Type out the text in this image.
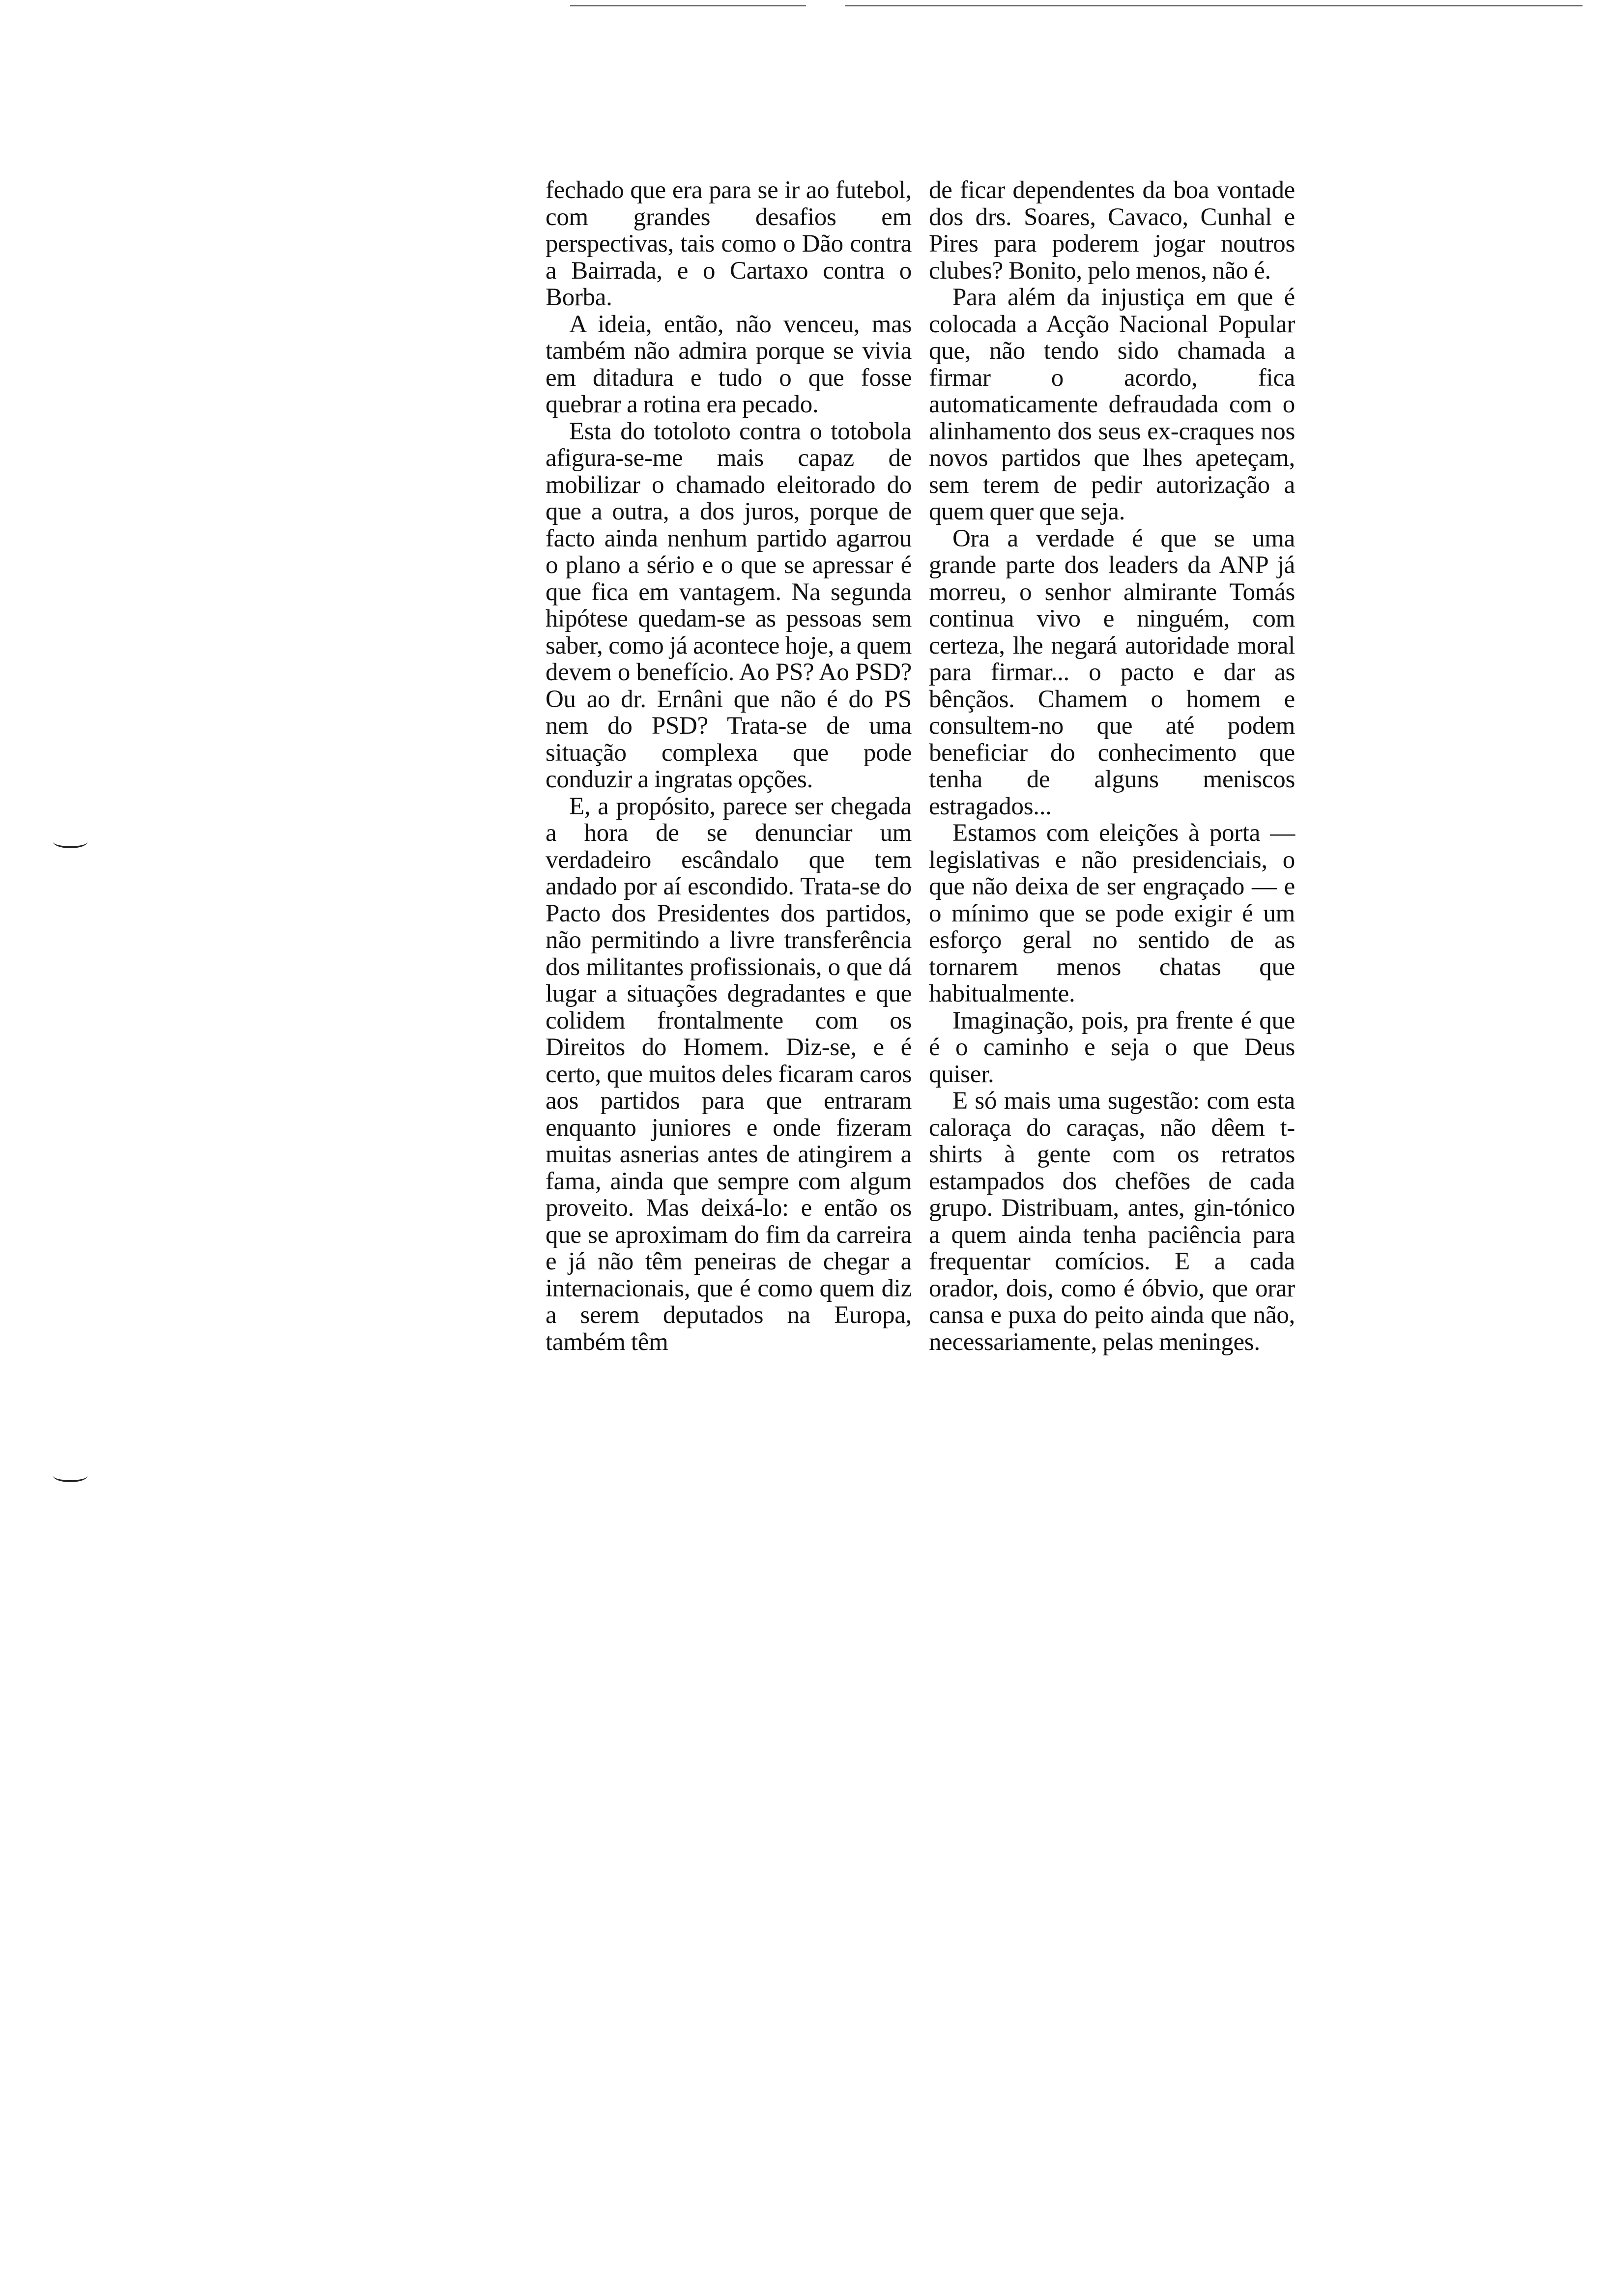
fechado que era para se ir ao futebol, com grandes desafios em perspectivas, tais como o Dão contra a Bairrada, e o Cartaxo contra o Borba.

A ideia, então, não venceu, mas também não admira porque se vivia em ditadura e tudo o que fosse quebrar a rotina era pecado.

Esta do totoloto contra o totobola afigura-se-me mais capaz de mobilizar o chamado eleitorado do que a outra, a dos juros, porque de facto ainda nenhum partido agarrou o plano a sério e o que se apressar é que fica em vantagem. Na segunda hipótese quedam-se as pessoas sem saber, como já acontece hoje, a quem devem o benefício. Ao PS? Ao PSD? Ou ao dr. Ernâni que não é do PS nem do PSD? Trata-se de uma situação complexa que pode conduzir a ingratas opções.

E, a propósito, parece ser chegada a hora de se denunciar um verdadeiro escândalo que tem andado por aí escondido. Trata-se do Pacto dos Presidentes dos partidos, não permitindo a livre transferência dos militantes profissionais, o que dá lugar a situações degradantes e que colidem frontalmente com os Direitos do Homem. Diz-se, e é certo, que muitos deles ficaram caros aos partidos para que entraram enquanto juniores e onde fizeram muitas asnerias antes de atingirem a fama, ainda que sempre com algum proveito. Mas deixá-lo: e então os que se aproximam do fim da carreira e já não têm peneiras de chegar a internacionais, que é como quem diz a serem deputados na Europa, também têm

de ficar dependentes da boa vontade dos drs. Soares, Cavaco, Cunhal e Pires para poderem jogar noutros clubes? Bonito, pelo menos, não é.

Para além da injustiça em que é colocada a Acção Nacional Popular que, não tendo sido chamada a firmar o acordo, fica automaticamente defraudada com o alinhamento dos seus ex-craques nos novos partidos que lhes apeteçam, sem terem de pedir autorização a quem quer que seja.

Ora a verdade é que se uma grande parte dos leaders da ANP já morreu, o senhor almirante Tomás continua vivo e ninguém, com certeza, lhe negará autoridade moral para firmar... o pacto e dar as bênçãos. Chamem o homem e consultem-no que até podem beneficiar do conhecimento que tenha de alguns meniscos estragados...

Estamos com eleições à porta — legislativas e não presidenciais, o que não deixa de ser engraçado — e o mínimo que se pode exigir é um esforço geral no sentido de as tornarem menos chatas que habitualmente.

Imaginação, pois, pra frente é que é o caminho e seja o que Deus quiser.

E só mais uma sugestão: com esta caloraça do caraças, não dêem t-shirts à gente com os retratos estampados dos chefões de cada grupo. Distribuam, antes, gin-tónico a quem ainda tenha paciência para frequentar comícios. E a cada orador, dois, como é óbvio, que orar cansa e puxa do peito ainda que não, necessariamente, pelas meninges.
